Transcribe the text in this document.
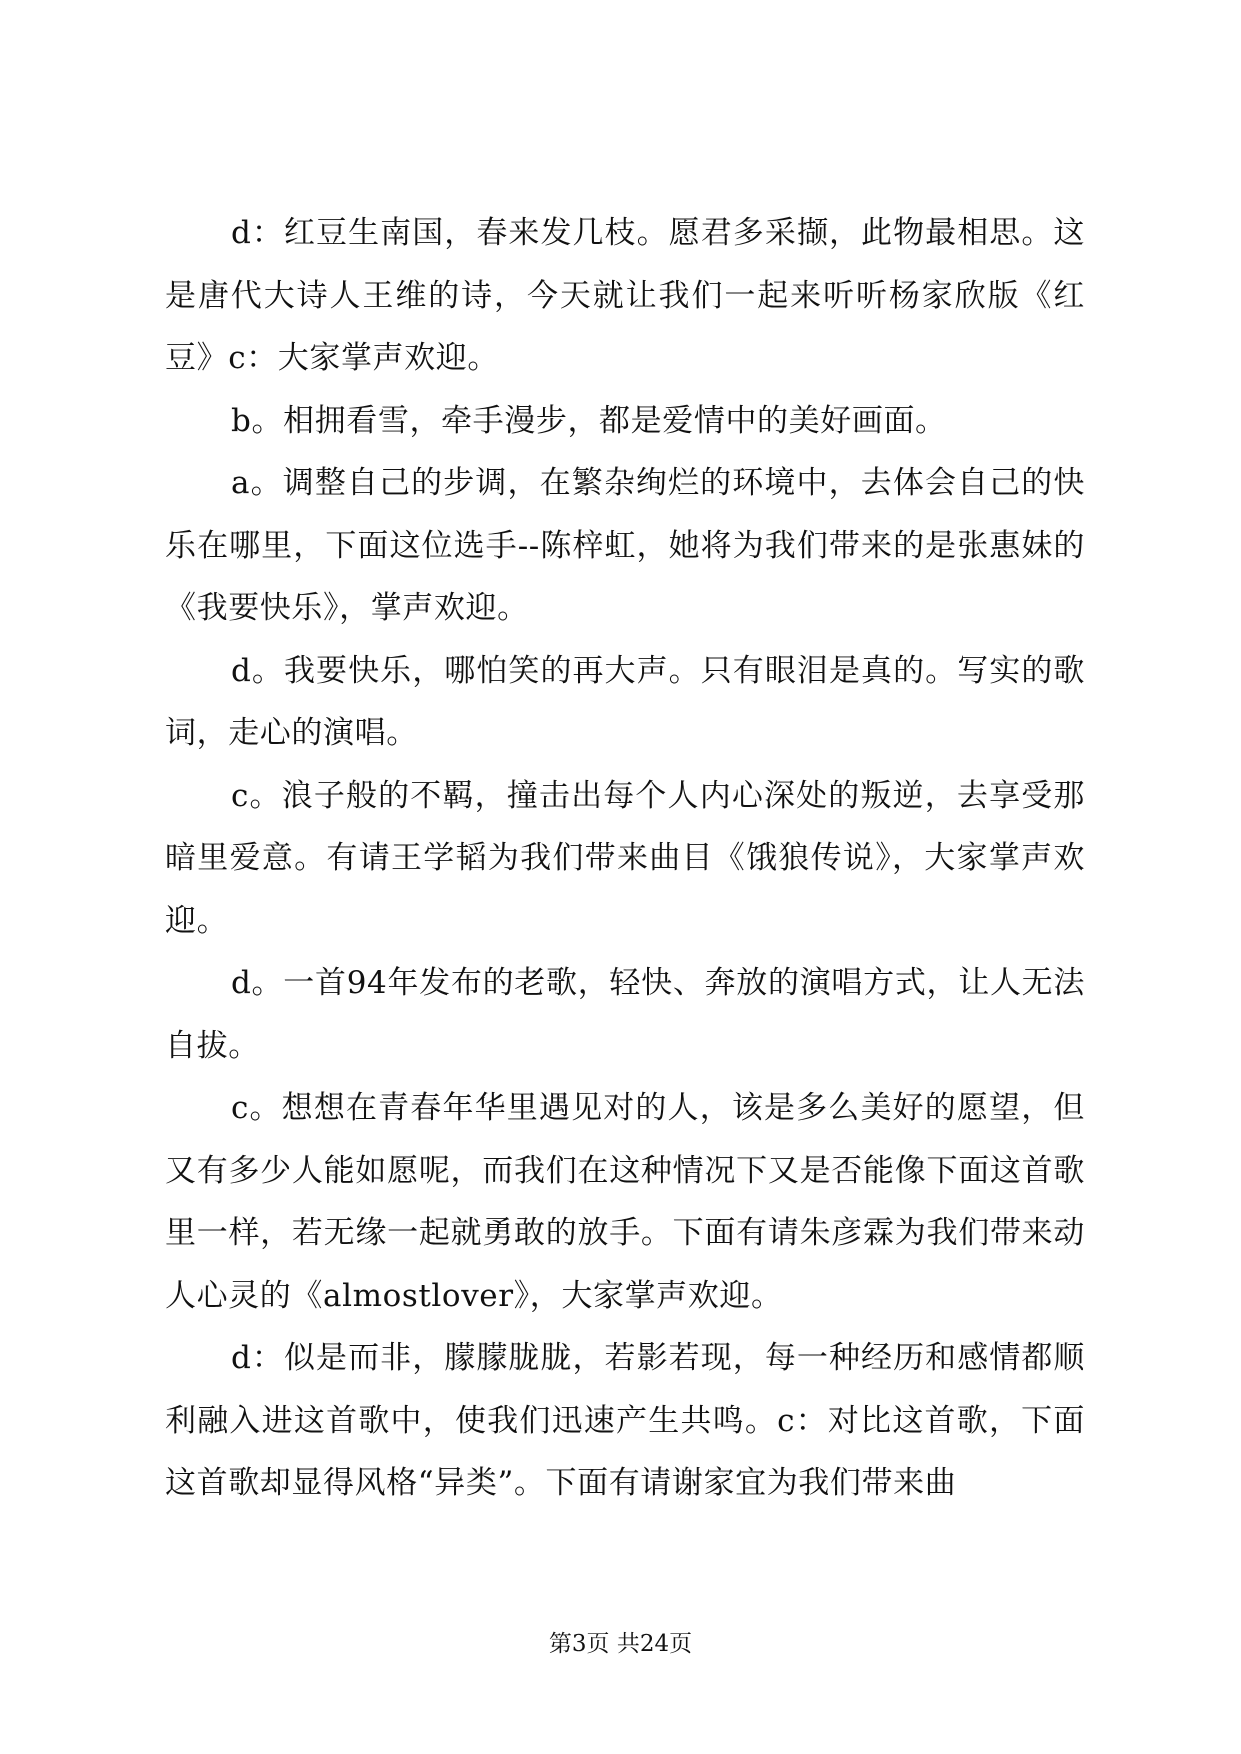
d：红豆生南国，春来发几枝。愿君多采撷，此物最相思。这是唐代大诗人王维的诗，今天就让我们一起来听听杨家欣版《红豆》c：大家掌声欢迎。

b。相拥看雪，牵手漫步，都是爱情中的美好画面。

a。调整自己的步调，在繁杂绚烂的环境中，去体会自己的快乐在哪里，下面这位选手--陈梓虹，她将为我们带来的是张惠妹的《我要快乐》，掌声欢迎。

d。我要快乐，哪怕笑的再大声。只有眼泪是真的。写实的歌词，走心的演唱。

c。浪子般的不羁，撞击出每个人内心深处的叛逆，去享受那暗里爱意。有请王学韬为我们带来曲目《饿狼传说》，大家掌声欢迎。

d。一首94年发布的老歌，轻快、奔放的演唱方式，让人无法自拔。

c。想想在青春年华里遇见对的人，该是多么美好的愿望，但又有多少人能如愿呢，而我们在这种情况下又是否能像下面这首歌里一样，若无缘一起就勇敢的放手。下面有请朱彦霖为我们带来动人心灵的《almostlover》，大家掌声欢迎。

d：似是而非，朦朦胧胧，若影若现，每一种经历和感情都顺利融入进这首歌中，使我们迅速产生共鸣。c：对比这首歌，下面这首歌却显得风格“异类”。下面有请谢家宜为我们带来曲

第3页 共24页
